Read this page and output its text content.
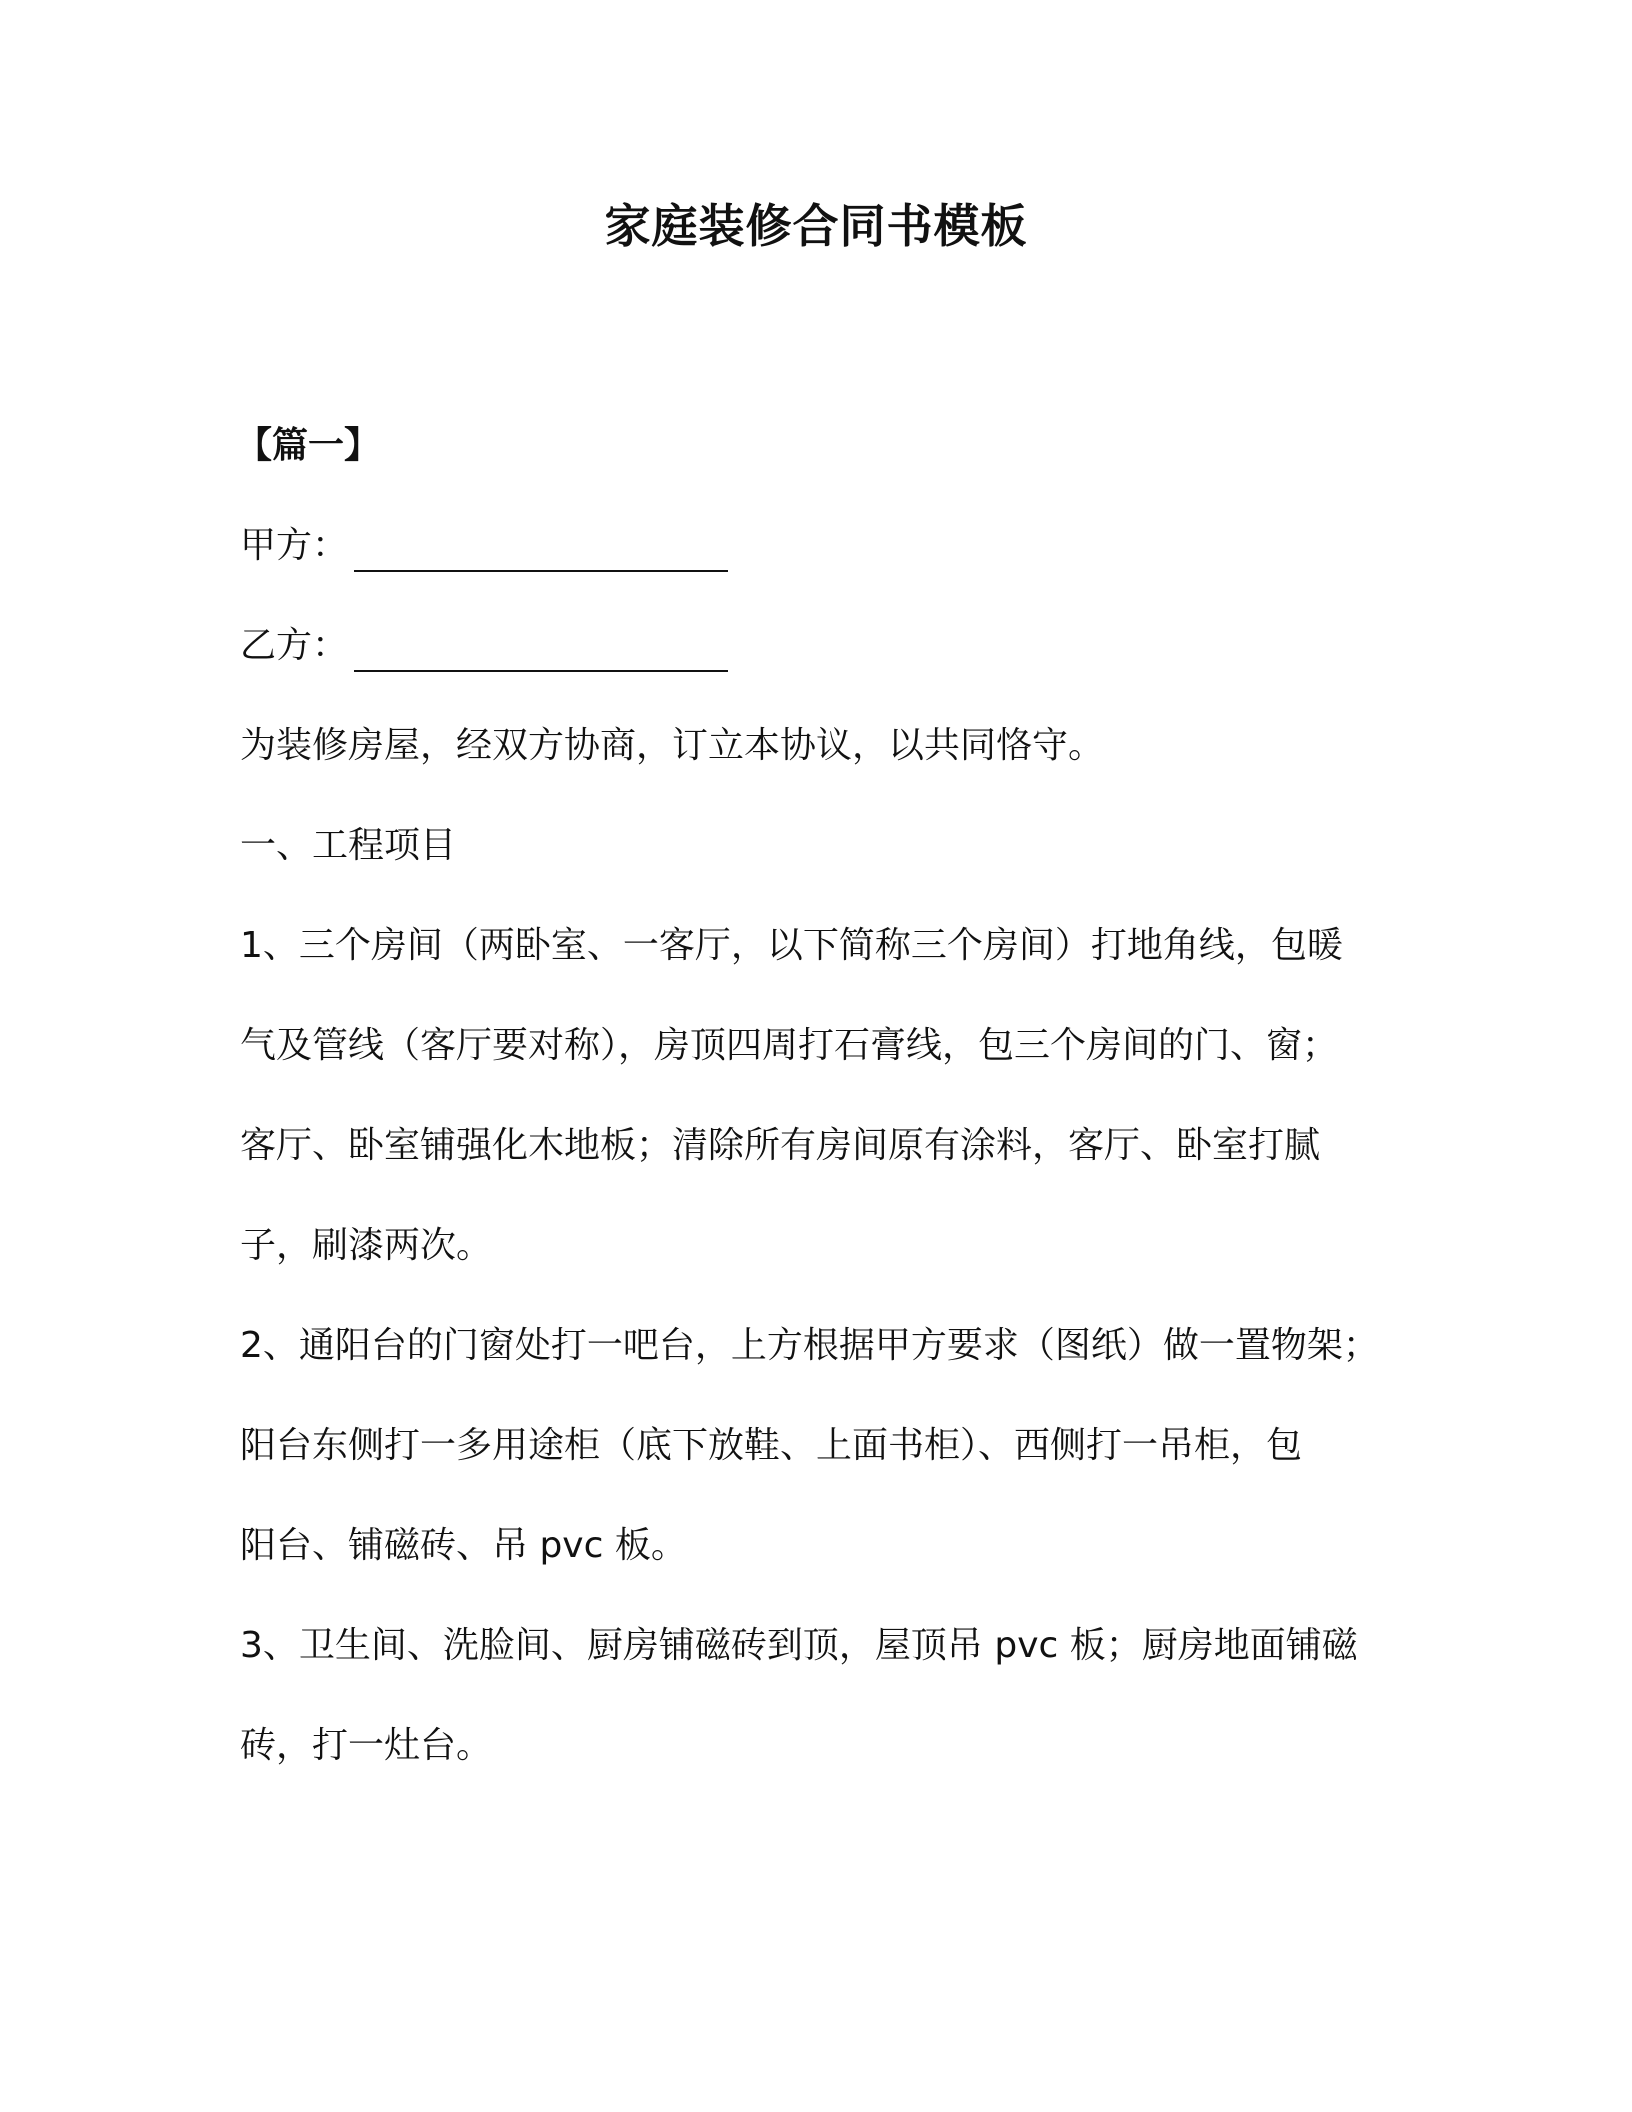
家庭装修合同书模板
【篇一】
甲方：
乙方：
为装修房屋，经双方协商，订立本协议，以共同恪守。
一、工程项目
1、三个房间（两卧室、一客厅，以下简称三个房间）打地角线，包暖
气及管线（客厅要对称），房顶四周打石膏线，包三个房间的门、窗；
客厅、卧室铺强化木地板；清除所有房间原有涂料，客厅、卧室打腻
子，刷漆两次。
2、通阳台的门窗处打一吧台，上方根据甲方要求（图纸）做一置物架；
阳台东侧打一多用途柜（底下放鞋、上面书柜）、西侧打一吊柜，包
阳台、铺磁砖、吊 pvc 板。
3、卫生间、洗脸间、厨房铺磁砖到顶，屋顶吊 pvc 板；厨房地面铺磁
砖，打一灶台。
